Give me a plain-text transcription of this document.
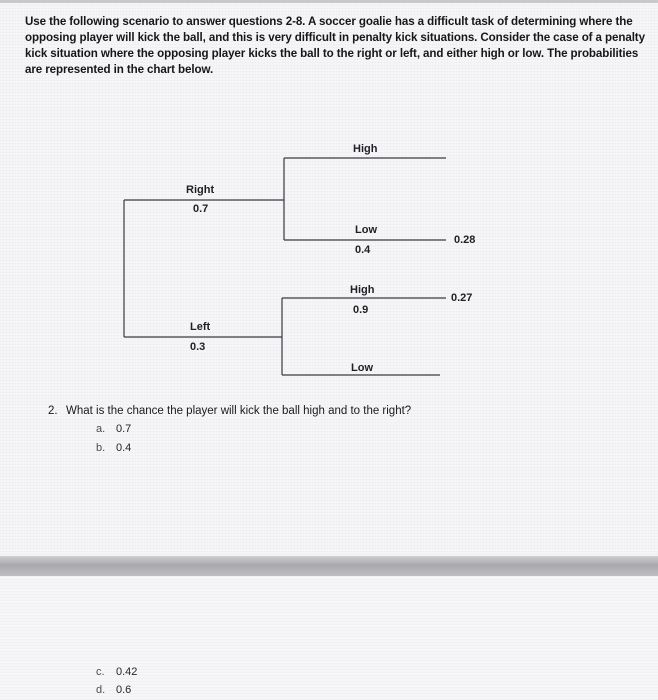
Use the following scenario to answer questions 2-8. A soccer goalie has a difficult task of determining where the opposing player will kick the ball, and this is very difficult in penalty kick situations. Consider the case of a penalty kick situation where the opposing player kicks the ball to the right or left, and either high or low. The probabilities are represented in the chart below.
High
Right
0.7
Low
0.4
0.28
High
0.9
0.27
Left
0.3
Low
2. What is the chance the player will kick the ball high and to the right?
a. 0.7
b. 0.4
c. 0.42
d. 0.6
